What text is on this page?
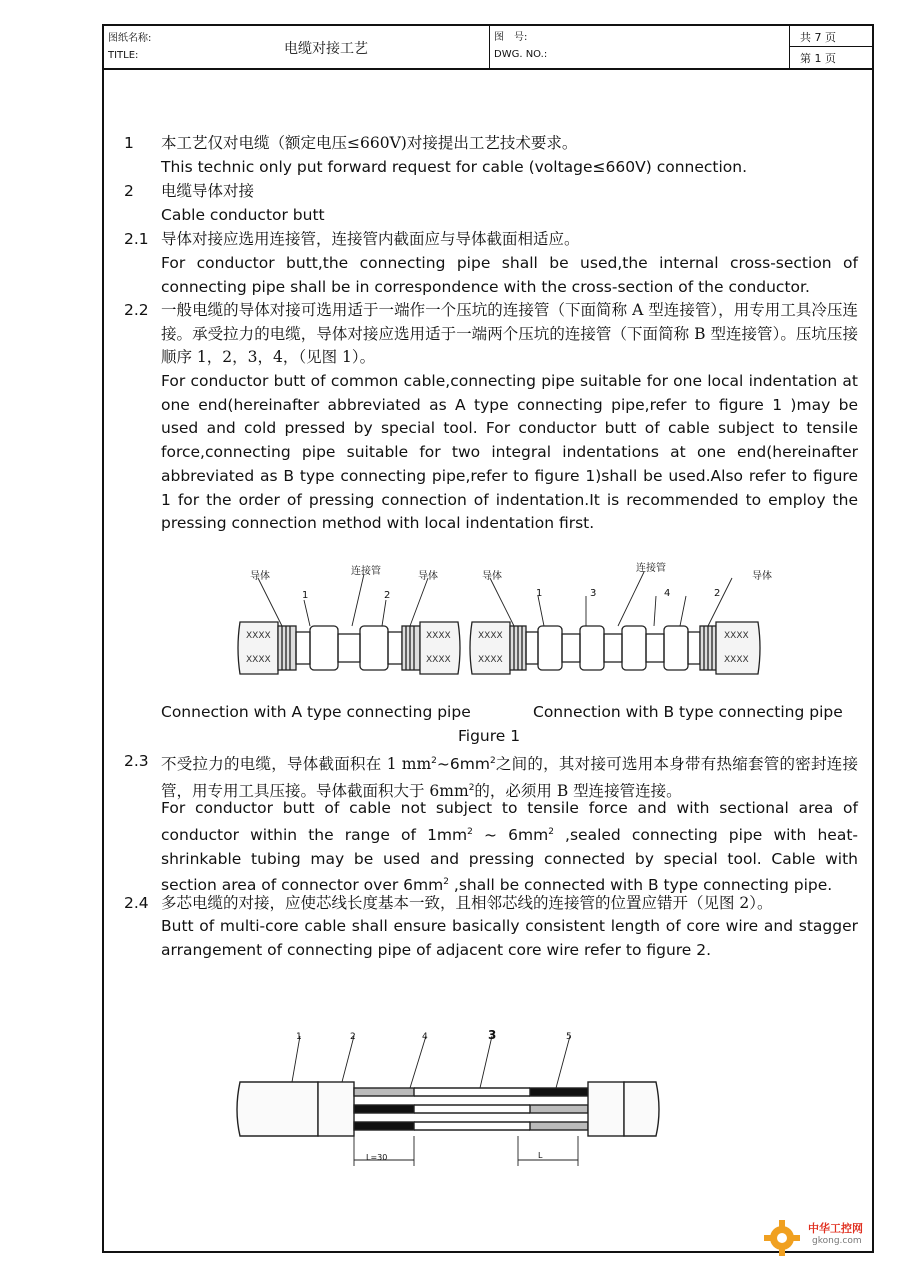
图纸名称:
TITLE:	电缆对接工艺
图　号:
DWG. NO.:
共 7 页
第 1 页
1 本工艺仅对电缆（额定电压≤660V)对接提出工艺技术要求。
This technic only put forward request for cable (voltage≤660V) connection.
2 电缆导体对接
Cable conductor butt
2.1 导体对接应选用连接管，连接管内截面应与导体截面相适应。
For conductor butt,the connecting pipe shall be used,the internal cross-section of connecting pipe shall be in correspondence with the cross-section of the conductor.
2.2 一般电缆的导体对接可选用适于一端作一个压坑的连接管（下面简称 A 型连接管），用专用工具冷压连接。承受拉力的电缆，导体对接应选用适于一端两个压坑的连接管（下面简称 B 型连接管）。压坑压接顺序 1，2，3，4，（见图 1）。
For conductor butt of common cable,connecting pipe suitable for one local indentation at one end(hereinafter abbreviated as A type connecting pipe,refer to figure 1 )may be used and cold pressed by special tool. For conductor butt of cable subject to tensile force,connecting pipe suitable for two integral indentations at one end(hereinafter abbreviated as B type connecting pipe,refer to figure 1)shall be used.Also refer to figure 1 for the order of pressing connection of indentation.It is recommended to employ the pressing connection method with local indentation first.
XXXX
XXXX
XXXX
XXXX
XXXX
XXXX
XXXX
XXXX
导体	连接管	导体
1	2
导体
连接管
导体
1	3	4	2
Connection with A type connecting pipe	Connection with B type connecting pipe
Figure 1
2.3 不受拉力的电缆，导体截面积在 1 $mm^2\sim 6mm^2$之间的，其对接可选用本身带有热缩套管的密封连接管，用专用工具压接。导体截面积大于 $6mm^2$的，必须用 B 型连接管连接。
For conductor butt of cable not subject to tensile force and with sectional area of conductor within the range of $1mm^2$ ~ $6mm^2$ ,sealed connecting pipe with heat-shrinkable tubing may be used and pressing connected by special tool. Cable with section area of connector over $6mm^2$ ,shall be connected with B type connecting pipe.
2.4 多芯电缆的对接，应使芯线长度基本一致，且相邻芯线的连接管的位置应错开（见图 2）。
Butt of multi-core cable shall ensure basically consistent length of core wire and stagger arrangement of connecting pipe of adjacent core wire refer to figure 2.
1	2	4	3	5
L=30	L
中华工控网
gkong.com
